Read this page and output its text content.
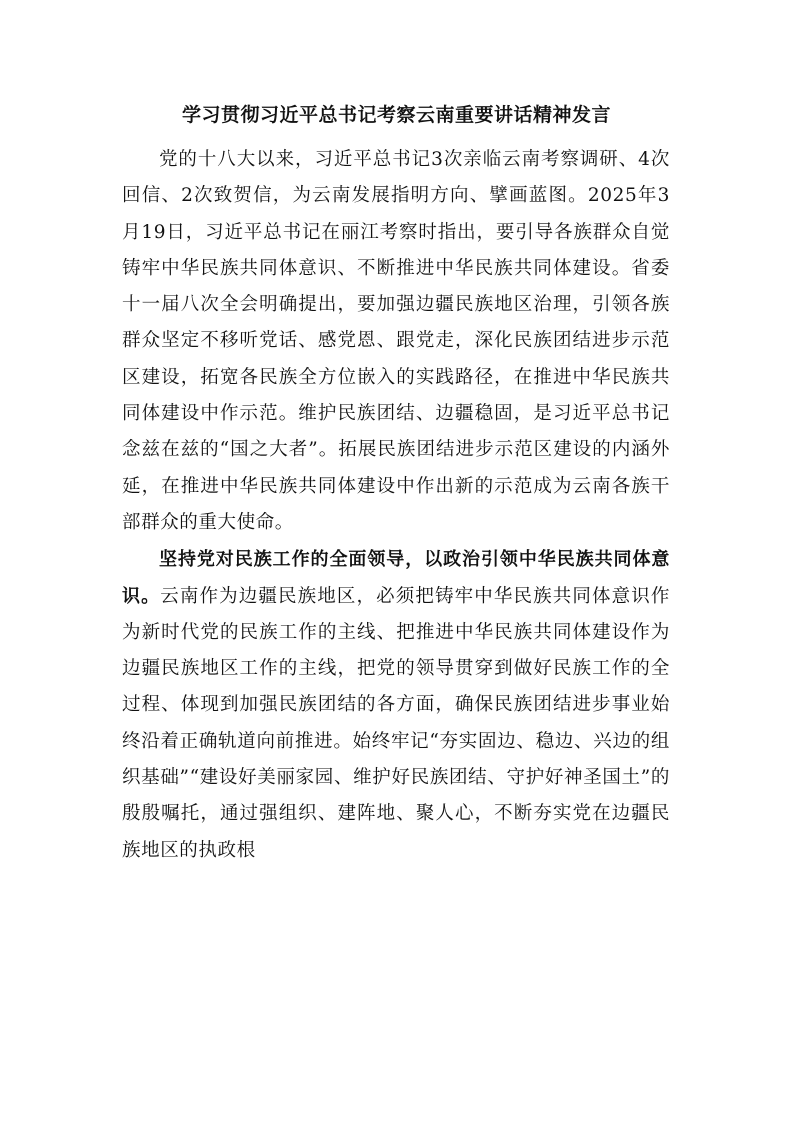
学习贯彻习近平总书记考察云南重要讲话精神发言

党的十八大以来，习近平总书记3次亲临云南考察调研、4次回信、2次致贺信，为云南发展指明方向、擘画蓝图。2025年3月19日，习近平总书记在丽江考察时指出，要引导各族群众自觉铸牢中华民族共同体意识、不断推进中华民族共同体建设。省委十一届八次全会明确提出，要加强边疆民族地区治理，引领各族群众坚定不移听党话、感党恩、跟党走，深化民族团结进步示范区建设，拓宽各民族全方位嵌入的实践路径，在推进中华民族共同体建设中作示范。维护民族团结、边疆稳固，是习近平总书记念兹在兹的“国之大者”。拓展民族团结进步示范区建设的内涵外延，在推进中华民族共同体建设中作出新的示范成为云南各族干部群众的重大使命。

坚持党对民族工作的全面领导，以政治引领中华民族共同体意识。云南作为边疆民族地区，必须把铸牢中华民族共同体意识作为新时代党的民族工作的主线、把推进中华民族共同体建设作为边疆民族地区工作的主线，把党的领导贯穿到做好民族工作的全过程、体现到加强民族团结的各方面，确保民族团结进步事业始终沿着正确轨道向前推进。始终牢记“夯实固边、稳边、兴边的组织基础”“建设好美丽家园、维护好民族团结、守护好神圣国土”的殷殷嘱托，通过强组织、建阵地、聚人心，不断夯实党在边疆民族地区的执政根
